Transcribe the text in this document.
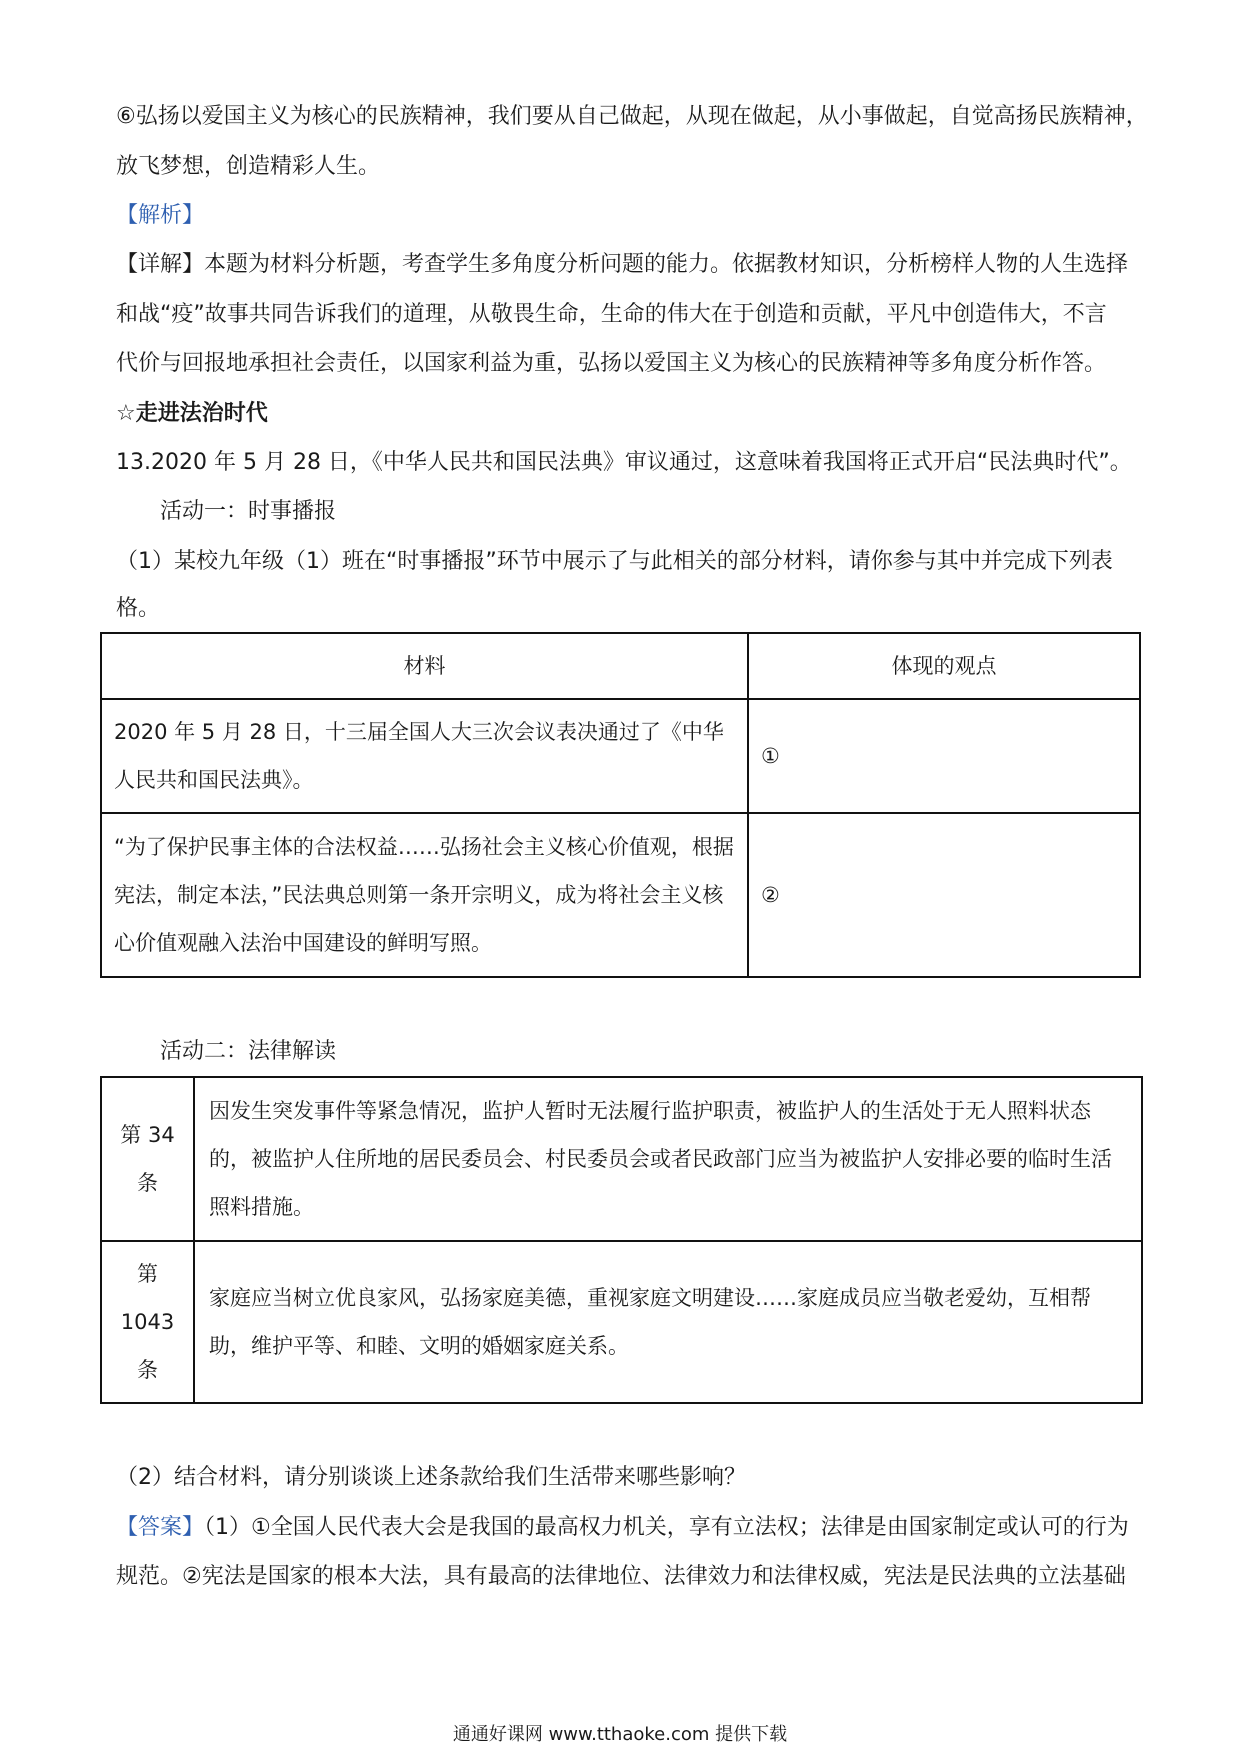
⑥弘扬以爱国主义为核心的民族精神，我们要从自己做起，从现在做起，从小事做起，自觉高扬民族精神，
放飞梦想，创造精彩人生。
【解析】
【详解】本题为材料分析题，考查学生多角度分析问题的能力。依据教材知识，分析榜样人物的人生选择
和战“疫”故事共同告诉我们的道理，从敬畏生命，生命的伟大在于创造和贡献，平凡中创造伟大，不言
代价与回报地承担社会责任，以国家利益为重，弘扬以爱国主义为核心的民族精神等多角度分析作答。
☆走进法治时代
13.2020 年 5 月 28 日，《中华人民共和国民法典》审议通过，这意味着我国将正式开启“民法典时代”。
活动一：时事播报
（1）某校九年级（1）班在“时事播报”环节中展示了与此相关的部分材料，请你参与其中并完成下列表
格。
材料	体现的观点
2020 年 5 月 28 日，十三届全国人大三次会议表决通过了《中华人民共和国民法典》。	①
“为了保护民事主体的合法权益……弘扬社会主义核心价值观，根据宪法，制定本法，”民法典总则第一条开宗明义，成为将社会主义核心价值观融入法治中国建设的鲜明写照。	②
活动二：法律解读
第 34 条	因发生突发事件等紧急情况，监护人暂时无法履行监护职责，被监护人的生活处于无人照料状态的，被监护人住所地的居民委员会、村民委员会或者民政部门应当为被监护人安排必要的临时生活照料措施。
第 1043 条	家庭应当树立优良家风，弘扬家庭美德，重视家庭文明建设……家庭成员应当敬老爱幼，互相帮助，维护平等、和睦、文明的婚姻家庭关系。
（2）结合材料，请分别谈谈上述条款给我们生活带来哪些影响？
【答案】（1）①全国人民代表大会是我国的最高权力机关，享有立法权；法律是由国家制定或认可的行为
规范。②宪法是国家的根本大法，具有最高的法律地位、法律效力和法律权威，宪法是民法典的立法基础
通通好课网 www.tthaoke.com 提供下载
